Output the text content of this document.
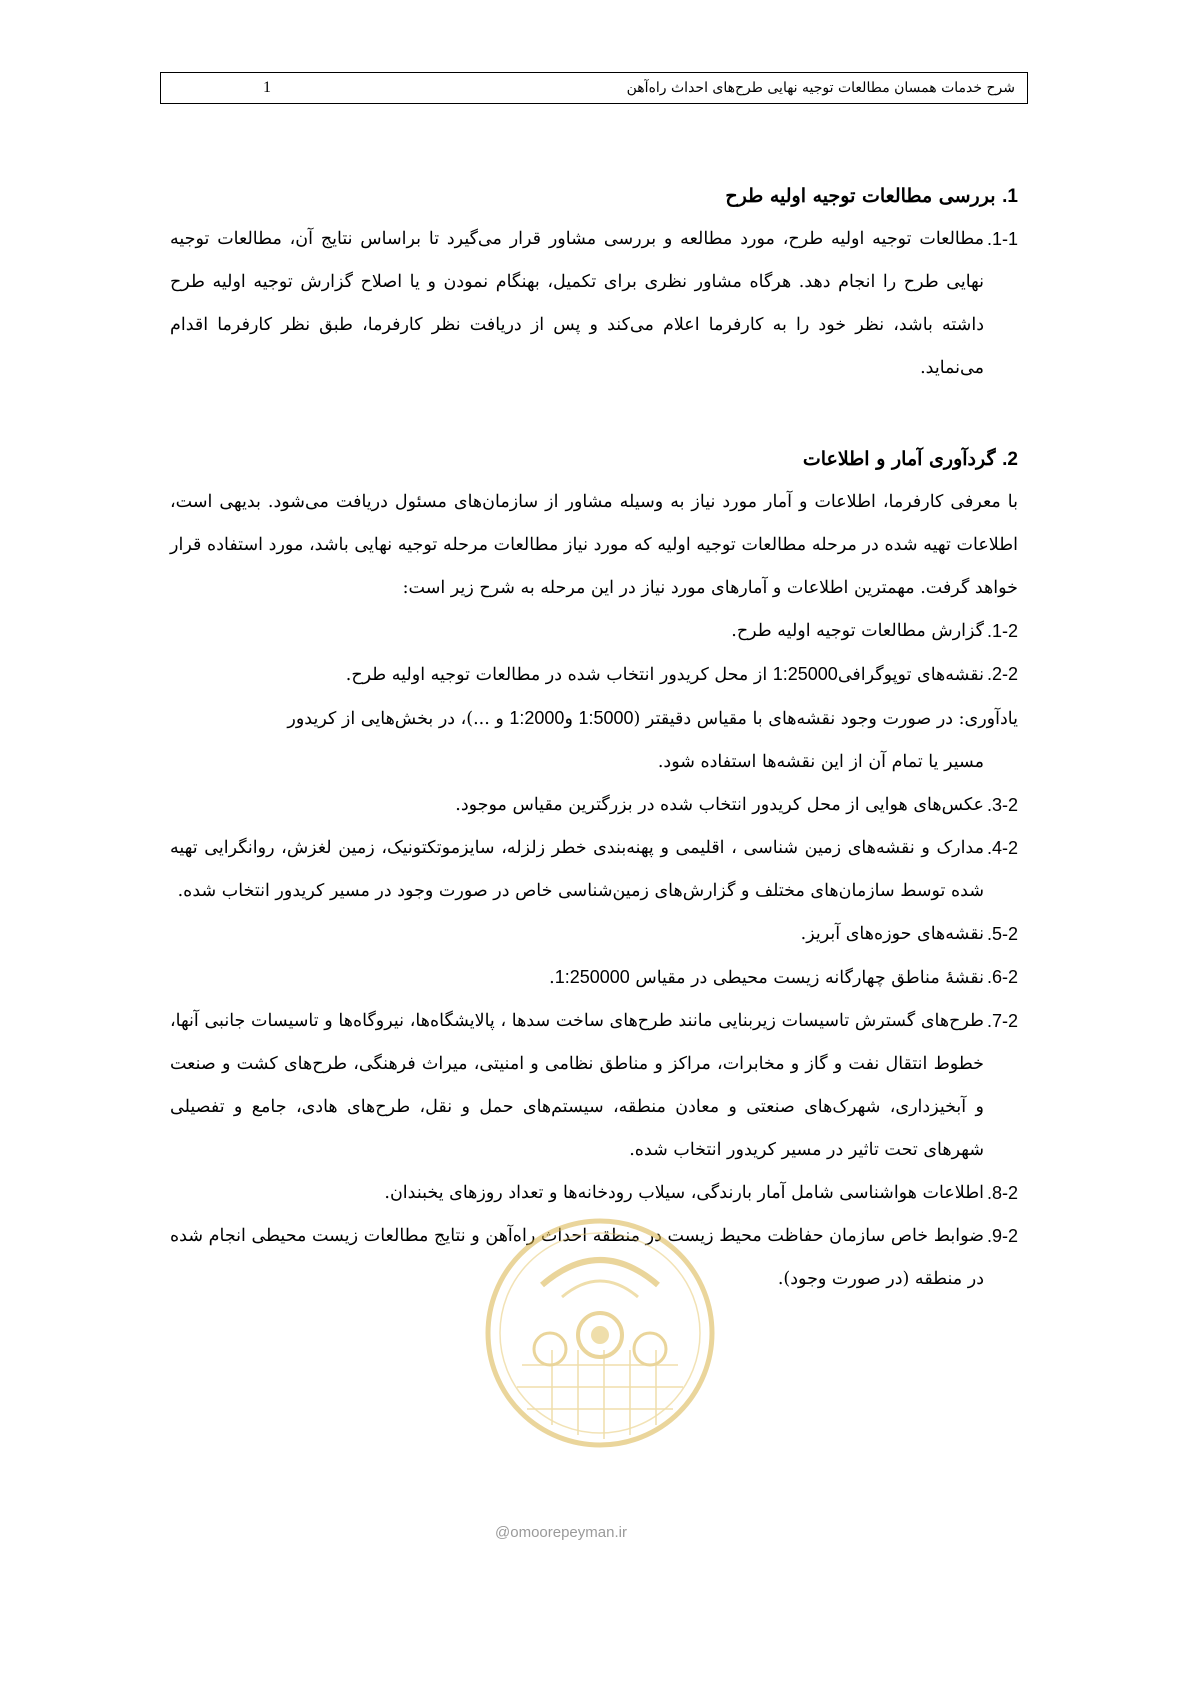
شرح خدمات همسان مطالعات توجیه نهایی طرح‌های احداث راه‌آهن
1

1. بررسی مطالعات توجیه اولیه طرح

1-1.
مطالعات توجیه اولیه طرح، مورد مطالعه و بررسی مشاور قرار می‌گیرد تا براساس نتایج آن، مطالعات توجیه نهایی طرح را انجام دهد. هرگاه مشاور نظری برای تکمیل، بهنگام نمودن و یا اصلاح گزارش توجیه اولیه طرح داشته باشد، نظر خود را به کارفرما اعلام می‌کند و پس از دریافت نظر کارفرما، طبق نظر کارفرما اقدام می‌نماید.

2. گردآوری آمار و اطلاعات

با معرفی کارفرما، اطلاعات و آمار مورد نیاز به وسیله مشاور از سازمان‌های مسئول دریافت می‌شود. بدیهی است، اطلاعات تهیه شده در مرحله مطالعات توجیه اولیه که مورد نیاز مطالعات مرحله توجیه نهایی باشد، مورد استفاده قرار خواهد گرفت. مهمترین اطلاعات و آمارهای مورد نیاز در این مرحله به شرح زیر است:

1-2.
گزارش مطالعات توجیه اولیه طرح.
2-2.
نقشه‌های توپوگرافی1:25000 از محل کریدور انتخاب شده در مطالعات توجیه اولیه طرح.

یادآوری: در صورت وجود نقشه‌های با مقیاس دقیقتر (1:5000 و1:2000 و ...)، در بخش‌هایی از کریدور

مسیر یا تمام آن از این نقشه‌ها استفاده شود.

3-2.
عکس‌های هوایی از محل کریدور انتخاب شده در بزرگترین مقیاس موجود.
4-2.
مدارک و نقشه‌های زمین شناسی ، اقلیمی و پهنه‌بندی خطر زلزله، سایزموتکتونیک، زمین لغزش، روانگرایی تهیه شده توسط سازمان‌های مختلف و گزارش‌های زمین‌شناسی خاص در صورت وجود در مسیر کریدور انتخاب شده.
5-2.
نقشه‌های حوزه‌های آبریز.
6-2.
نقشهٔ مناطق چهارگانه زیست محیطی در مقیاس 1:250000.
7-2.
طرح‌های گسترش تاسیسات زیربنایی مانند طرح‌های ساخت سدها ، پالایشگاه‌ها، نیروگاه‌ها و تاسیسات جانبی آنها، خطوط انتقال نفت و گاز و مخابرات، مراکز و مناطق نظامی و امنیتی، میراث فرهنگی، طرح‌های کشت و صنعت و آبخیزداری، شهرک‌های صنعتی و معادن منطقه، سیستم‌های حمل و نقل، طرح‌های هادی، جامع و تفصیلی شهرهای تحت تاثیر در مسیر کریدور انتخاب شده.
8-2.
اطلاعات هواشناسی شامل آمار بارندگی، سیلاب رودخانه‌ها و تعداد روزهای یخبندان.
9-2.
ضوابط خاص سازمان حفاظت محیط زیست در منطقه احداث راه‌آهن و نتایج مطالعات زیست محیطی انجام شده در منطقه (در صورت وجود).
@omoorepeyman.ir
